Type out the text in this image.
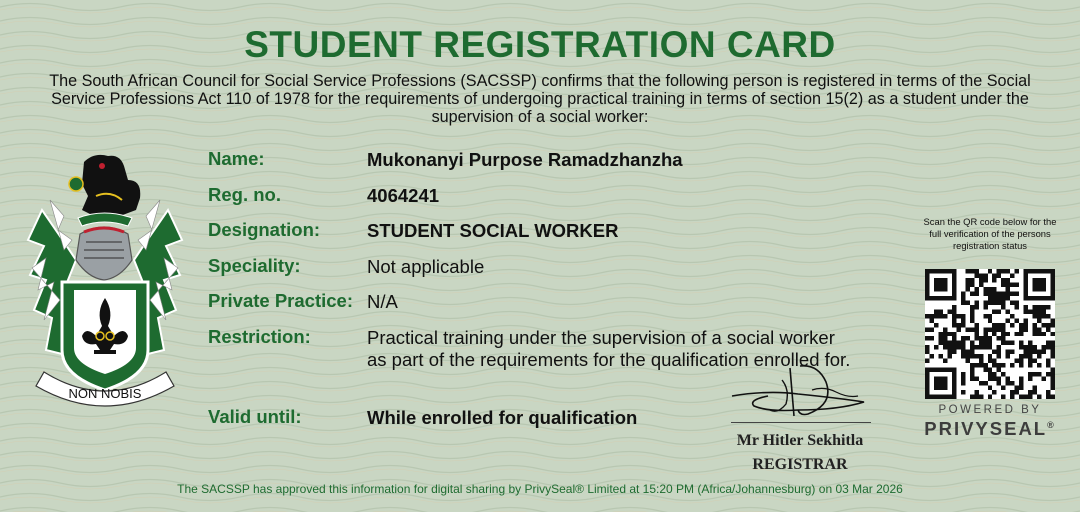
STUDENT REGISTRATION CARD
The South African Council for Social Service Professions (SACSSP) confirms that the following person is registered in terms of the Social Service Professions Act 110 of 1978 for the requirements of undergoing practical training in terms of section 15(2) as a student under the supervision of a social worker:
NON NOBIS
Name:	Mukonanyi Purpose Ramadzhanzha
Reg. no.	4064241
Designation:	STUDENT SOCIAL WORKER
Speciality:	Not applicable
Private Practice: N/A
Restriction:	Practical training under the supervision of a social worker
as part of the requirements for the qualification enrolled for.
Valid until:	While enrolled for qualification
Mr Hitler Sekhitla
REGISTRAR
Scan the QR code below for the full verification of the persons registration status
POWERED BY
PRIVYSEAL®
The SACSSP has approved this information for digital sharing by PrivySeal® Limited at 15:20 PM (Africa/Johannesburg) on 03 Mar 2026
